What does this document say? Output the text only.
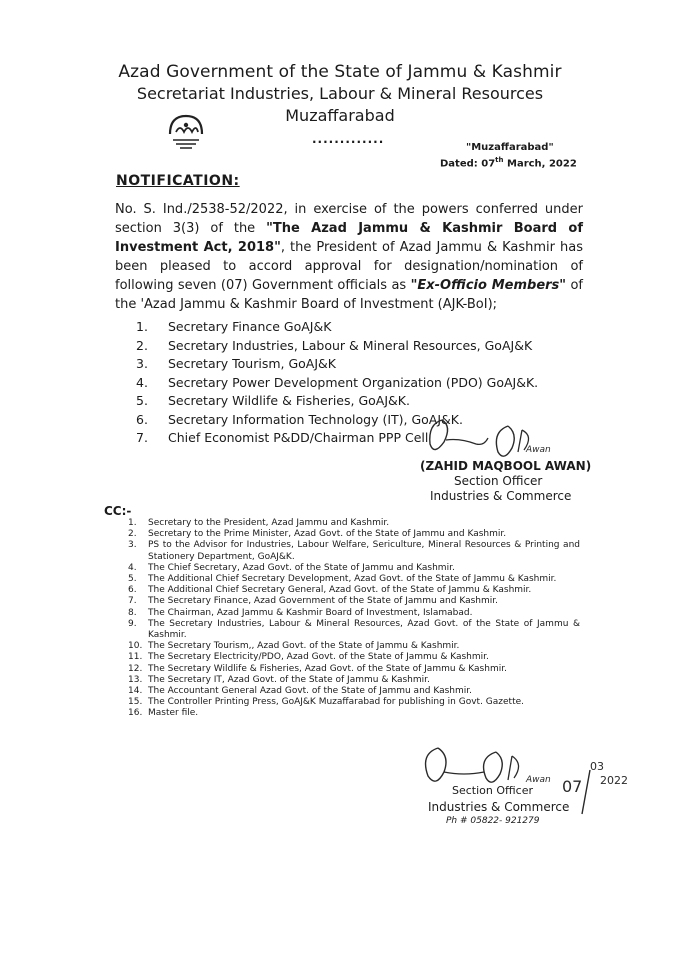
Azad Government of the State of Jammu & Kashmir
Secretariat Industries, Labour & Mineral Resources
Muzaffarabad
.............
"Muzaffarabad"
Dated: 07th March, 2022
NOTIFICATION:
No. S. Ind./2538-52/2022, in exercise of the powers conferred under section 3(3) of the "The Azad Jammu & Kashmir Board of Investment Act, 2018", the President of Azad Jammu & Kashmir has been pleased to accord approval for designation/nomination of following seven (07) Government officials as "Ex-Officio Members" of the 'Azad Jammu & Kashmir Board of Investment (AJK-BoI);
1.	Secretary Finance GoAJ&K
2.	Secretary Industries, Labour & Mineral Resources, GoAJ&K
3.	Secretary Tourism, GoAJ&K
4.	Secretary Power Development Organization (PDO) GoAJ&K.
5.	Secretary Wildlife & Fisheries, GoAJ&K.
6.	Secretary Information Technology (IT), GoAJ&K.
7.	Chief Economist P&DD/Chairman PPP Cell
(ZAHID MAQBOOL AWAN)
Section Officer
Industries & Commerce
CC:-
1.	Secretary to the President, Azad Jammu and Kashmir.
2.	Secretary to the Prime Minister, Azad Govt. of the State of Jammu and Kashmir.
3.	PS to the Advisor for Industries, Labour Welfare, Sericulture, Mineral Resources & Printing and Stationery Department, GoAJ&K.
4.	The Chief Secretary, Azad Govt. of the State of Jammu and Kashmir.
5.	The Additional Chief Secretary Development, Azad Govt. of the State of Jammu & Kashmir.
6.	The Additional Chief Secretary General, Azad Govt. of the State of Jammu & Kashmir.
7.	The Secretary Finance, Azad Government of the State of Jammu and Kashmir.
8.	The Chairman, Azad Jammu & Kashmir Board of Investment, Islamabad.
9.	The Secretary Industries, Labour & Mineral Resources, Azad Govt. of the State of Jammu & Kashmir.
10. The Secretary Tourism,, Azad Govt. of the State of Jammu & Kashmir.
11. The Secretary Electricity/PDO, Azad Govt. of the State of Jammu & Kashmir.
12. The Secretary Wildlife & Fisheries, Azad Govt. of the State of Jammu & Kashmir.
13. The Secretary IT, Azad Govt. of the State of Jammu & Kashmir.
14. The Accountant General Azad Govt. of the State of Jammu and Kashmir.
15. The Controller Printing Press, GoAJ&K Muzaffarabad for publishing in Govt. Gazette.
16. Master file.
Section Officer
Industries & Commerce
Ph # 05822- 921279
Awan
Awan
03
07 2022
